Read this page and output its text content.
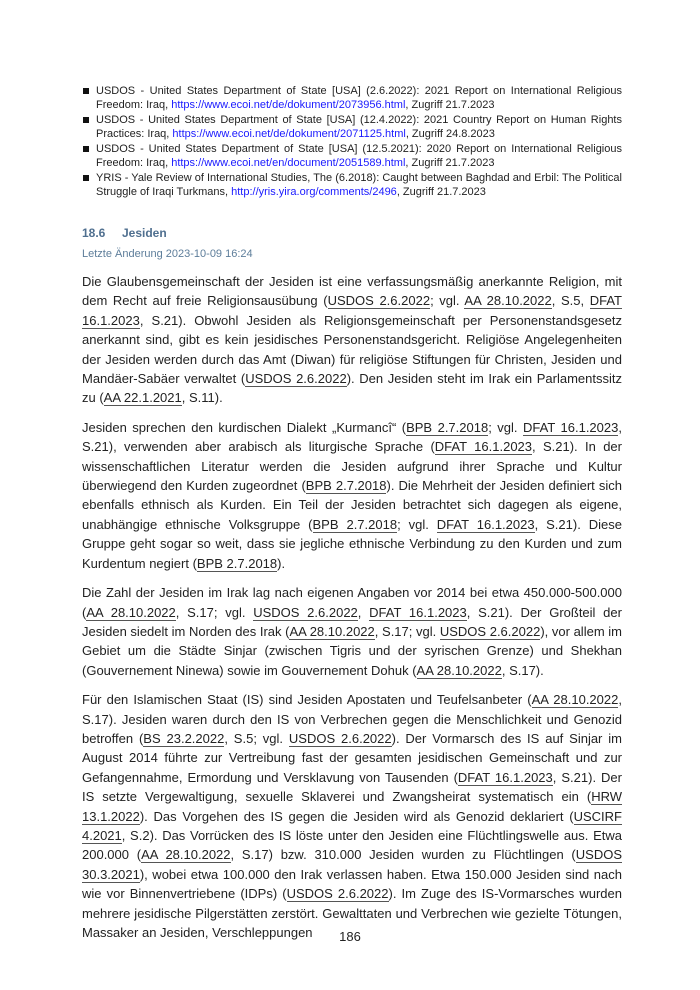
USDOS - United States Department of State [USA] (2.6.2022): 2021 Report on International Religious Freedom: Iraq, https://www.ecoi.net/de/dokument/2073956.html, Zugriff 21.7.2023
USDOS - United States Department of State [USA] (12.4.2022): 2021 Country Report on Human Rights Practices: Iraq, https://www.ecoi.net/de/dokument/2071125.html, Zugriff 24.8.2023
USDOS - United States Department of State [USA] (12.5.2021): 2020 Report on International Religious Freedom: Iraq, https://www.ecoi.net/en/document/2051589.html, Zugriff 21.7.2023
YRIS - Yale Review of International Studies, The (6.2018): Caught between Baghdad and Erbil: The Political Struggle of Iraqi Turkmans, http://yris.yira.org/comments/2496, Zugriff 21.7.2023
18.6 Jesiden
Letzte Änderung 2023-10-09 16:24

Die Glaubensgemeinschaft der Jesiden ist eine verfassungsmäßig anerkannte Religion, mit dem Recht auf freie Religionsausübung (USDOS 2.6.2022; vgl. AA 28.10.2022, S.5, DFAT 16.1.2023, S.21). Obwohl Jesiden als Religionsgemeinschaft per Personenstandsgesetz anerkannt sind, gibt es kein jesidisches Personenstandsgericht. Religiöse Angelegenheiten der Jesiden werden durch das Amt (Diwan) für religiöse Stiftungen für Christen, Jesiden und Mandäer-Sabäer verwaltet (USDOS 2.6.2022). Den Jesiden steht im Irak ein Parlamentssitz zu (AA 22.1.2021, S.11).

Jesiden sprechen den kurdischen Dialekt „Kurmancî“ (BPB 2.7.2018; vgl. DFAT 16.1.2023, S.21), verwenden aber arabisch als liturgische Sprache (DFAT 16.1.2023, S.21). In der wissenschaftlichen Literatur werden die Jesiden aufgrund ihrer Sprache und Kultur überwiegend den Kurden zugeordnet (BPB 2.7.2018). Die Mehrheit der Jesiden definiert sich ebenfalls ethnisch als Kurden. Ein Teil der Jesiden betrachtet sich dagegen als eigene, unabhängige ethnische Volksgruppe (BPB 2.7.2018; vgl. DFAT 16.1.2023, S.21). Diese Gruppe geht sogar so weit, dass sie jegliche ethnische Verbindung zu den Kurden und zum Kurdentum negiert (BPB 2.7.2018).

Die Zahl der Jesiden im Irak lag nach eigenen Angaben vor 2014 bei etwa 450.000-500.000 (AA 28.10.2022, S.17; vgl. USDOS 2.6.2022, DFAT 16.1.2023, S.21). Der Großteil der Jesiden siedelt im Norden des Irak (AA 28.10.2022, S.17; vgl. USDOS 2.6.2022), vor allem im Gebiet um die Städte Sinjar (zwischen Tigris und der syrischen Grenze) und Shekhan (Gouvernement Ninewa) sowie im Gouvernement Dohuk (AA 28.10.2022, S.17).

Für den Islamischen Staat (IS) sind Jesiden Apostaten und Teufelsanbeter (AA 28.10.2022, S.17). Jesiden waren durch den IS von Verbrechen gegen die Menschlichkeit und Genozid betroffen (BS 23.2.2022, S.5; vgl. USDOS 2.6.2022). Der Vormarsch des IS auf Sinjar im August 2014 führte zur Vertreibung fast der gesamten jesidischen Gemeinschaft und zur Gefangennahme, Ermordung und Versklavung von Tausenden (DFAT 16.1.2023, S.21). Der IS setzte Vergewaltigung, sexuelle Sklaverei und Zwangsheirat systematisch ein (HRW 13.1.2022). Das Vorgehen des IS gegen die Jesiden wird als Genozid deklariert (USCIRF 4.2021, S.2). Das Vorrücken des IS löste unter den Jesiden eine Flüchtlingswelle aus. Etwa 200.000 (AA 28.10.2022, S.17) bzw. 310.000 Jesiden wurden zu Flüchtlingen (USDOS 30.3.2021), wobei etwa 100.000 den Irak verlassen haben. Etwa 150.000 Jesiden sind nach wie vor Binnenvertriebene (IDPs) (USDOS 2.6.2022). Im Zuge des IS-Vormarsches wurden mehrere jesidische Pilgerstätten zerstört. Gewalttaten und Verbrechen wie gezielte Tötungen, Massaker an Jesiden, Verschleppungen	186
